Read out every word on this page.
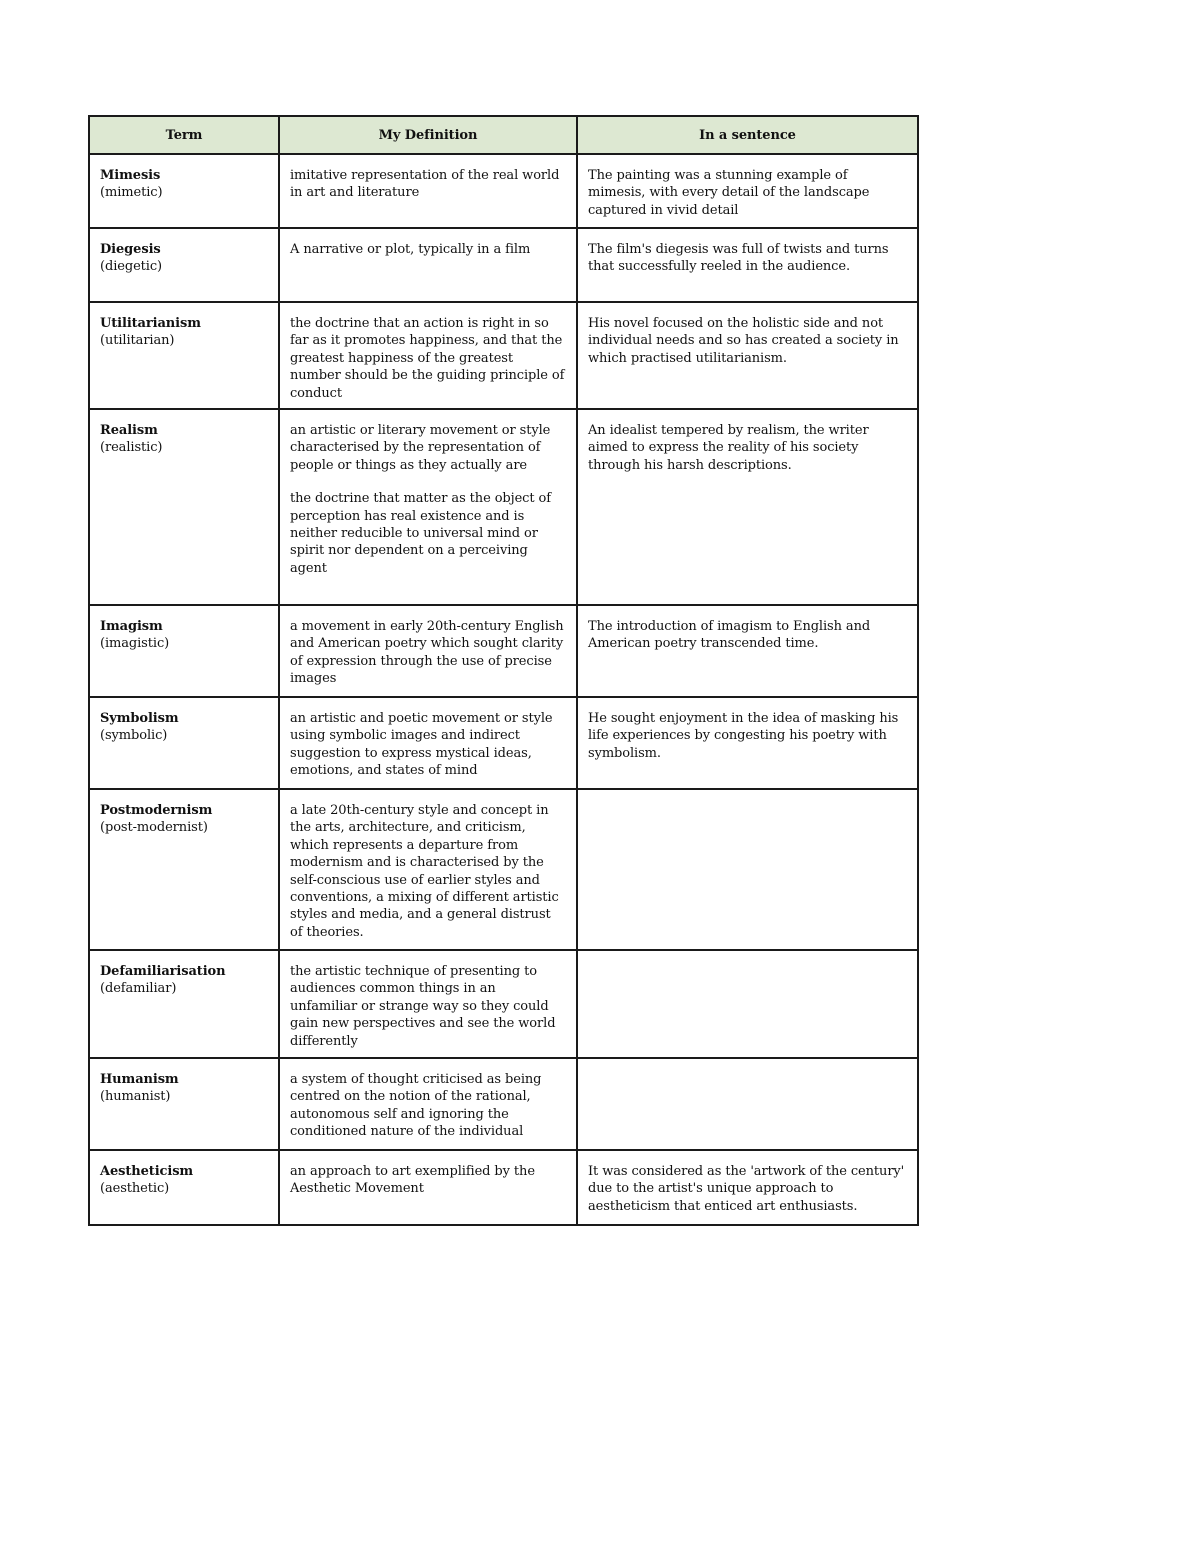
Term	My Definition	In a sentence

Mimesis
(mimetic)	imitative representation of the real world in art and literature	The painting was a stunning example of mimesis, with every detail of the landscape captured in vivid detail

Diegesis
(diegetic)	A narrative or plot, typically in a film	The film's diegesis was full of twists and turns that successfully reeled in the audience.

Utilitarianism
(utilitarian)	the doctrine that an action is right in so far as it promotes happiness, and that the greatest happiness of the greatest number should be the guiding principle of conduct	His novel focused on the holistic side and not individual needs and so has created a society in which practised utilitarianism.

Realism
(realistic)	an artistic or literary movement or style characterised by the representation of people or things as they actually are
the doctrine that matter as the object of perception has real existence and is neither reducible to universal mind or spirit nor dependent on a perceiving agent	An idealist tempered by realism, the writer aimed to express the reality of his society through his harsh descriptions.

Imagism
(imagistic)	a movement in early 20th-century English and American poetry which sought clarity of expression through the use of precise images	The introduction of imagism to English and American poetry transcended time.

Symbolism
(symbolic)	an artistic and poetic movement or style using symbolic images and indirect suggestion to express mystical ideas, emotions, and states of mind	He sought enjoyment in the idea of masking his life experiences by congesting his poetry with symbolism.

Postmodernism
(post-modernist)	a late 20th-century style and concept in the arts, architecture, and criticism, which represents a departure from modernism and is characterised by the self-conscious use of earlier styles and conventions, a mixing of different artistic styles and media, and a general distrust of theories.	

Defamiliarisation
(defamiliar)	the artistic technique of presenting to audiences common things in an unfamiliar or strange way so they could gain new perspectives and see the world differently	

Humanism
(humanist)	a system of thought criticised as being centred on the notion of the rational, autonomous self and ignoring the conditioned nature of the individual	

Aestheticism
(aesthetic)	an approach to art exemplified by the Aesthetic Movement	It was considered as the 'artwork of the century' due to the artist's unique approach to aestheticism that enticed art enthusiasts.
